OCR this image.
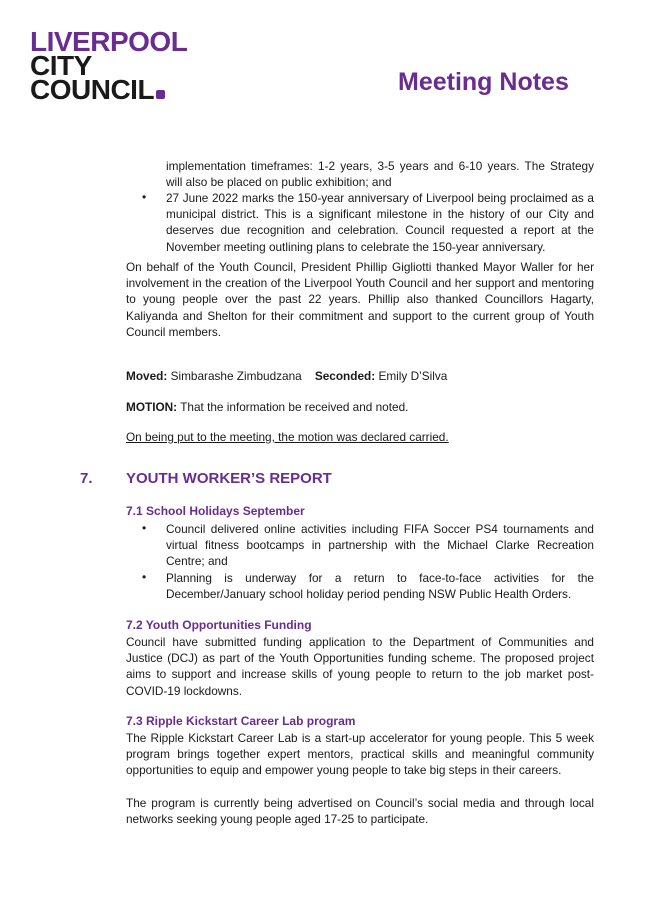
LIVERPOOL
CITY
COUNCIL	Meeting Notes
implementation timeframes: 1-2 years, 3-5 years and 6-10 years. The Strategy will also be placed on public exhibition; and
• 27 June 2022 marks the 150-year anniversary of Liverpool being proclaimed as a municipal district. This is a significant milestone in the history of our City and deserves due recognition and celebration. Council requested a report at the November meeting outlining plans to celebrate the 150-year anniversary.
On behalf of the Youth Council, President Phillip Gigliotti thanked Mayor Waller for her involvement in the creation of the Liverpool Youth Council and her support and mentoring to young people over the past 22 years. Phillip also thanked Councillors Hagarty, Kaliyanda and Shelton for their commitment and support to the current group of Youth Council members.
Moved: Simbarashe Zimbudzana Seconded: Emily D’Silva
MOTION: That the information be received and noted.
On being put to the meeting, the motion was declared carried.
7. YOUTH WORKER’S REPORT
7.1 School Holidays September
• Council delivered online activities including FIFA Soccer PS4 tournaments and virtual fitness bootcamps in partnership with the Michael Clarke Recreation Centre; and
• Planning is underway for a return to face-to-face activities for the December/January school holiday period pending NSW Public Health Orders.
7.2 Youth Opportunities Funding
Council have submitted funding application to the Department of Communities and Justice (DCJ) as part of the Youth Opportunities funding scheme. The proposed project aims to support and increase skills of young people to return to the job market post-COVID-19 lockdowns.
7.3 Ripple Kickstart Career Lab program
The Ripple Kickstart Career Lab is a start-up accelerator for young people. This 5 week program brings together expert mentors, practical skills and meaningful community opportunities to equip and empower young people to take big steps in their careers.
The program is currently being advertised on Council’s social media and through local networks seeking young people aged 17-25 to participate.
